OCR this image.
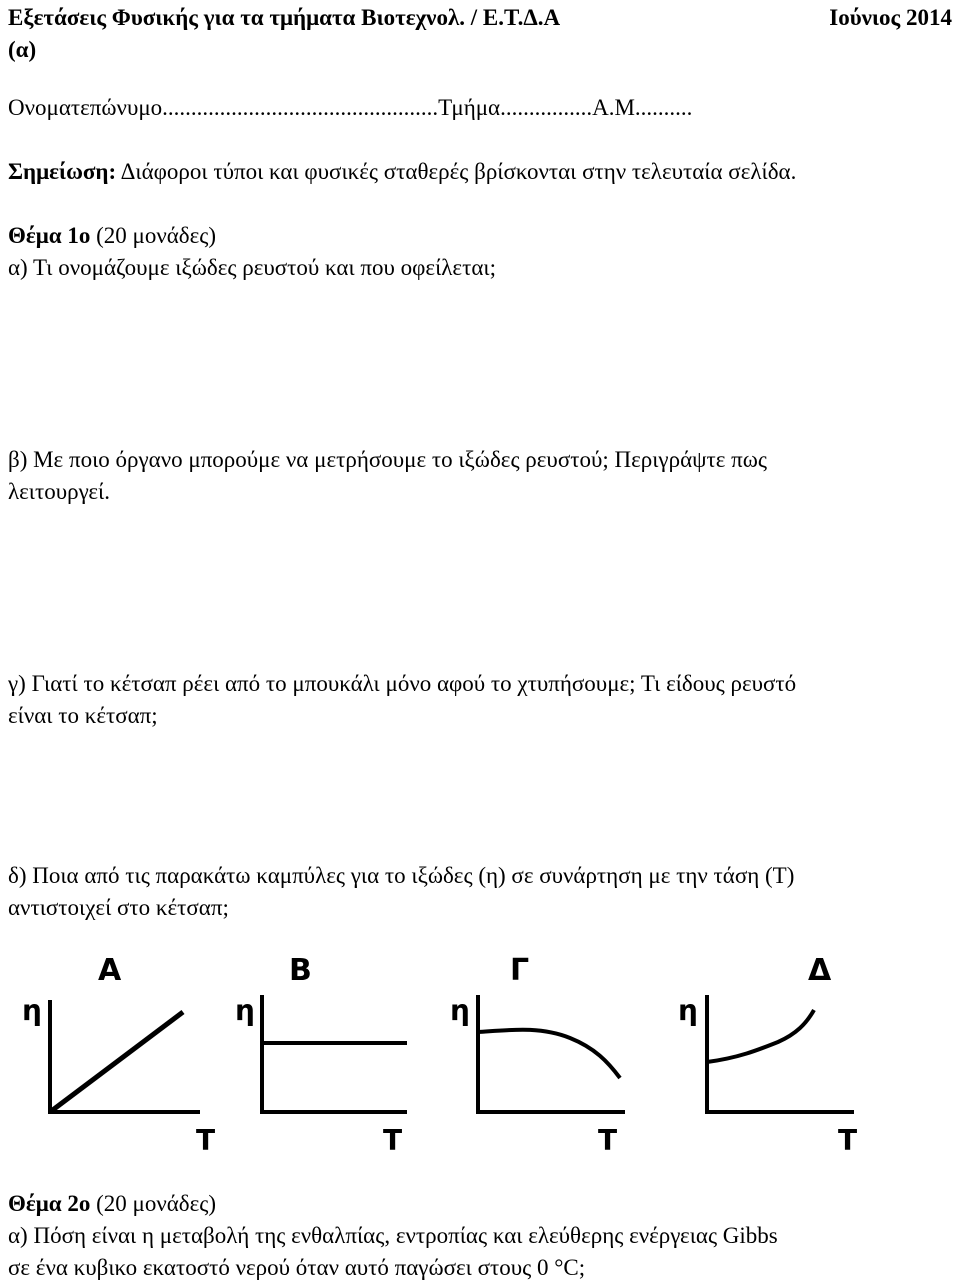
Εξετάσεις Φυσικής για τα τμήματα Βιοτεχνολ. / Ε.Τ.Δ.Α	Ιούνιος 2014
(α)
Ονοματεπώνυμο................................................Τμήμα................Α.Μ..........
Σημείωση: Διάφοροι τύποι και φυσικές σταθερές βρίσκονται στην τελευταία σελίδα.
Θέμα 1ο (20 μονάδες)
α) Τι ονομάζουμε ιξώδες ρευστού και που οφείλεται;
β) Με ποιο όργανο μπορούμε να μετρήσουμε το ιξώδες ρευστού; Περιγράψτε πως
λειτουργεί.
γ) Γιατί το κέτσαπ ρέει από το μπουκάλι μόνο αφού το χτυπήσουμε; Τι είδους ρευστό
είναι το κέτσαπ;
δ) Ποια από τις παρακάτω καμπύλες για το ιξώδες (η) σε συνάρτηση με την τάση (Τ)
αντιστοιχεί στο κέτσαπ;
Α
η
Τ
Β
η
Τ
Γ
η
Τ
Δ
η
Τ
Θέμα 2ο (20 μονάδες)
α) Πόση είναι η μεταβολή της ενθαλπίας, εντροπίας και ελεύθερης ενέργειας Gibbs
σε ένα κυβικο εκατοστό νερού όταν αυτό παγώσει στους 0 °C;
